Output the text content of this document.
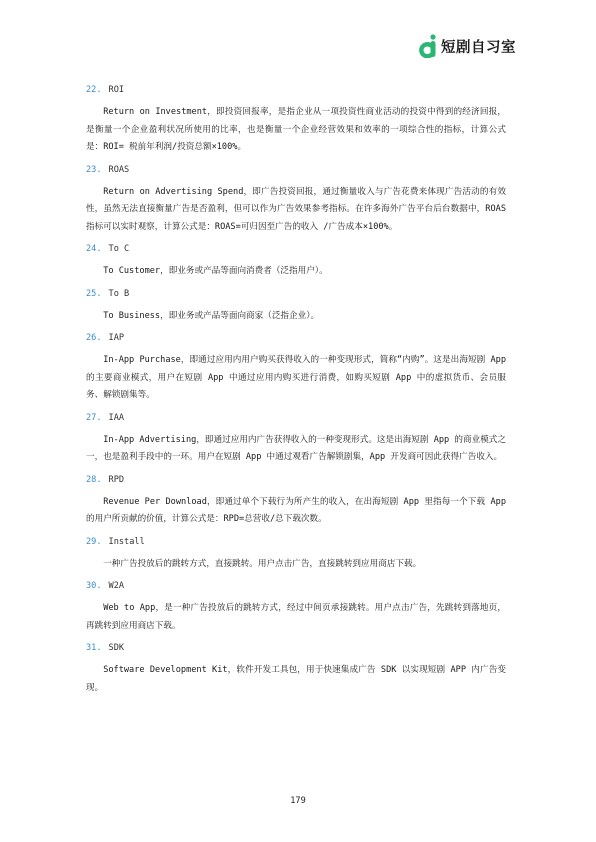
短剧自习室
22. ROI

Return on Investment，即投资回报率，是指企业从一项投资性商业活动的投资中得到的经济回报，是衡量一个企业盈利状况所使用的比率，也是衡量一个企业经营效果和效率的一项综合性的指标，计算公式是：ROI= 税前年利润/投资总额×100%。

23. ROAS

Return on Advertising Spend，即广告投资回报，通过衡量收入与广告花费来体现广告活动的有效性，虽然无法直接衡量广告是否盈利，但可以作为广告效果参考指标。在许多海外广告平台后台数据中，ROAS 指标可以实时观察，计算公式是：ROAS=可归因至广告的收入 /广告成本×100%。

24. To C

To Customer，即业务或产品等面向消费者（泛指用户）。

25. To B

To Business，即业务或产品等面向商家（泛指企业）。

26. IAP

In-App Purchase，即通过应用内用户购买获得收入的一种变现形式，简称“内购”。这是出海短剧 App 的主要商业模式，用户在短剧 App 中通过应用内购买进行消费，如购买短剧 App 中的虚拟货币、会员服务、解锁剧集等。

27. IAA

In-App Advertising，即通过应用内广告获得收入的一种变现形式。这是出海短剧 App 的商业模式之一，也是盈利手段中的一环。用户在短剧 App 中通过观看广告解锁剧集，App 开发商可因此获得广告收入。

28. RPD

Revenue Per Download，即通过单个下载行为所产生的收入，在出海短剧 App 里指每一个下载 App 的用户所贡献的价值，计算公式是：RPD=总营收/总下载次数。

29. Install

一种广告投放后的跳转方式，直接跳转。用户点击广告，直接跳转到应用商店下载。

30. W2A

Web to App，是一种广告投放后的跳转方式，经过中间页承接跳转。用户点击广告，先跳转到落地页，再跳转到应用商店下载。

31. SDK

Software Development Kit，软件开发工具包，用于快速集成广告 SDK 以实现短剧 APP 内广告变现。

179
